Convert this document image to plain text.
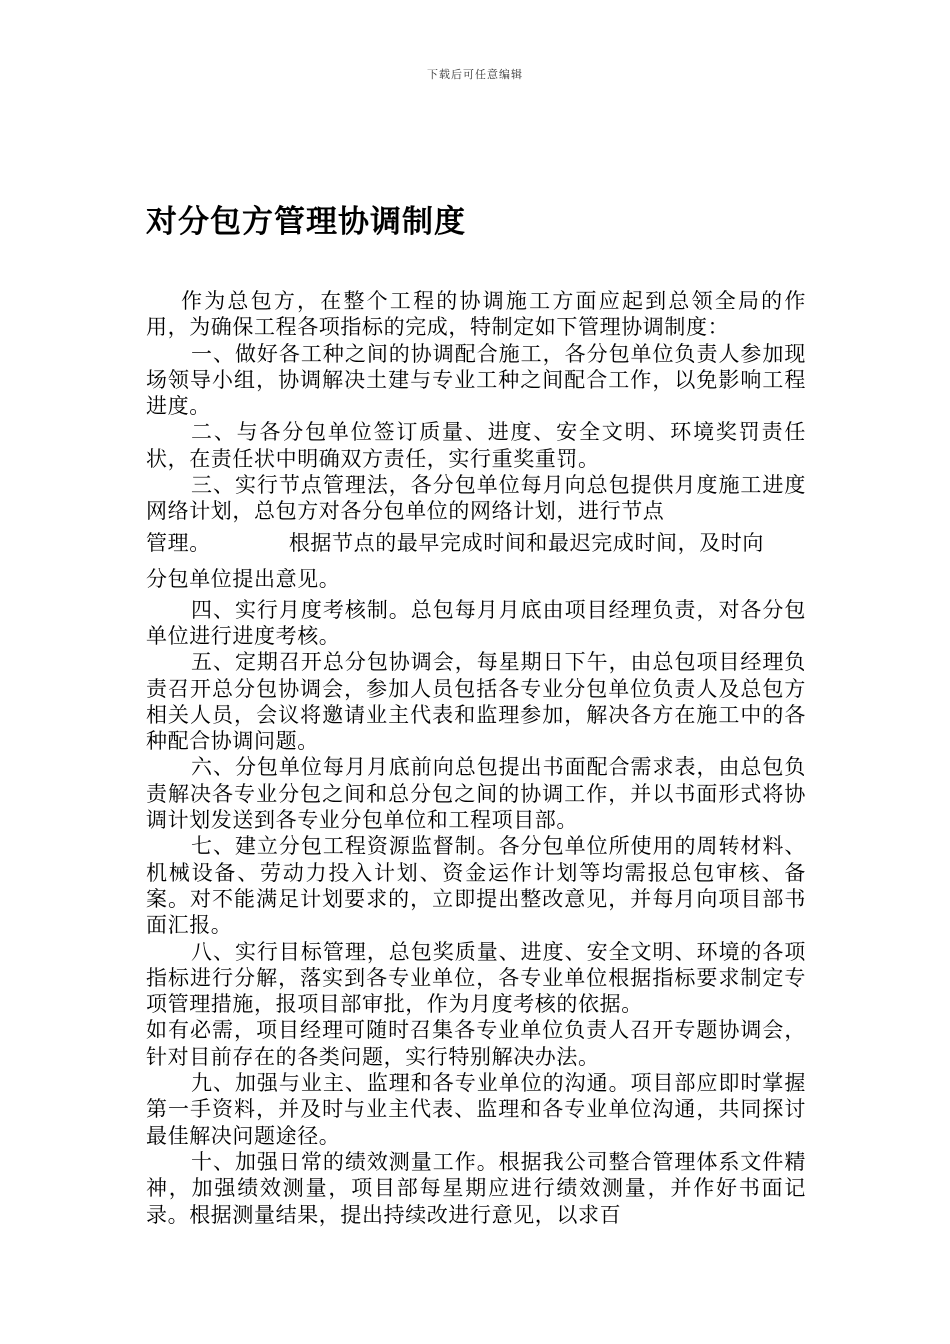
下载后可任意编辑
对分包方管理协调制度

作为总包方，在整个工程的协调施工方面应起到总领全局的作用，为确保工程各项指标的完成，特制定如下管理协调制度：

一、做好各工种之间的协调配合施工，各分包单位负责人参加现场领导小组，协调解决土建与专业工种之间配合工作，以免影响工程进度。

二、与各分包单位签订质量、进度、安全文明、环境奖罚责任状，在责任状中明确双方责任，实行重奖重罚。

三、实行节点管理法，各分包单位每月向总包提供月度施工进度网络计划，总包方对各分包单位的网络计划，进行节点

管理。	根据节点的最早完成时间和最迟完成时间，及时向

分包单位提出意见。

四、实行月度考核制。总包每月月底由项目经理负责，对各分包单位进行进度考核。

五、定期召开总分包协调会，每星期日下午，由总包项目经理负责召开总分包协调会，参加人员包括各专业分包单位负责人及总包方相关人员，会议将邀请业主代表和监理参加，解决各方在施工中的各种配合协调问题。

六、分包单位每月月底前向总包提出书面配合需求表，由总包负责解决各专业分包之间和总分包之间的协调工作，并以书面形式将协调计划发送到各专业分包单位和工程项目部。

七、建立分包工程资源监督制。各分包单位所使用的周转材料、机械设备、劳动力投入计划、资金运作计划等均需报总包审核、备案。对不能满足计划要求的，立即提出整改意见，并每月向项目部书面汇报。

八、实行目标管理，总包奖质量、进度、安全文明、环境的各项指标进行分解，落实到各专业单位，各专业单位根据指标要求制定专项管理措施，报项目部审批，作为月度考核的依据。

如有必需，项目经理可随时召集各专业单位负责人召开专题协调会，针对目前存在的各类问题，实行特别解决办法。

九、加强与业主、监理和各专业单位的沟通。项目部应即时掌握第一手资料，并及时与业主代表、监理和各专业单位沟通，共同探讨最佳解决问题途径。

十、加强日常的绩效测量工作。根据我公司整合管理体系文件精神，加强绩效测量，项目部每星期应进行绩效测量，并作好书面记录。根据测量结果，提出持续改进行意见，以求百
